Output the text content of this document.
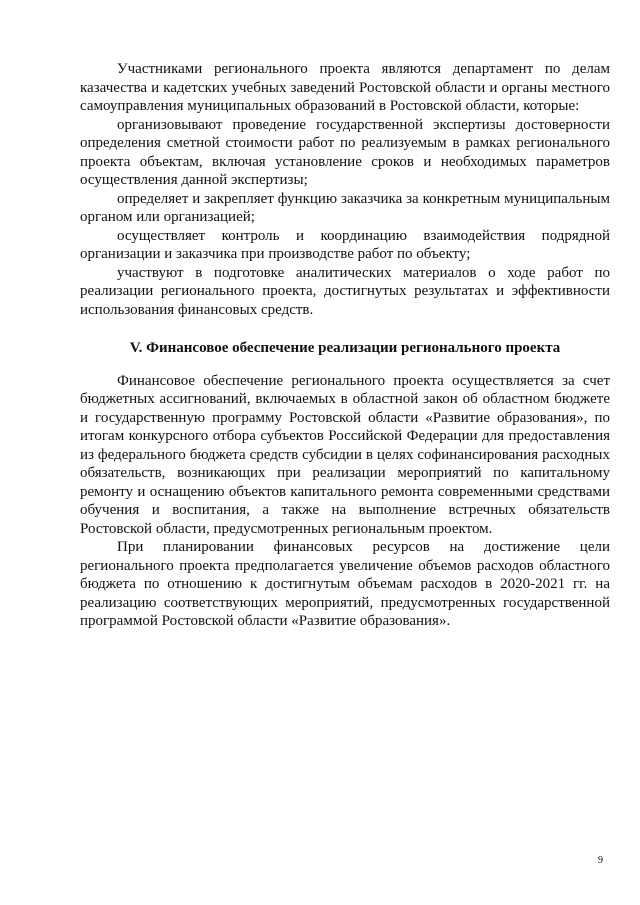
Участниками регионального проекта являются департамент по делам казачества и кадетских учебных заведений Ростовской области и органы местного самоуправления муниципальных образований в Ростовской области, которые:

организовывают проведение государственной экспертизы достоверности определения сметной стоимости работ по реализуемым в рамках регионального проекта объектам, включая установление сроков и необходимых параметров осуществления данной экспертизы;

определяет и закрепляет функцию заказчика за конкретным муниципальным органом или организацией;

осуществляет контроль и координацию взаимодействия подрядной организации и заказчика при производстве работ по объекту;

участвуют в подготовке аналитических материалов о ходе работ по реализации регионального проекта, достигнутых результатах и эффективности использования финансовых средств.

V. Финансовое обеспечение реализации регионального проекта

Финансовое обеспечение регионального проекта осуществляется за счет бюджетных ассигнований, включаемых в областной закон об областном бюджете и государственную программу Ростовской области «Развитие образования», по итогам конкурсного отбора субъектов Российской Федерации для предоставления из федерального бюджета средств субсидии в целях софинансирования расходных обязательств, возникающих при реализации мероприятий по капитальному ремонту и оснащению объектов капитального ремонта современными средствами обучения и воспитания, а также на выполнение встречных обязательств Ростовской области, предусмотренных региональным проектом.

При планировании финансовых ресурсов на достижение цели регионального проекта предполагается увеличение объемов расходов областного бюджета по отношению к достигнутым объемам расходов в 2020-2021 гг. на реализацию соответствующих мероприятий, предусмотренных государственной программой Ростовской области «Развитие образования».

9
